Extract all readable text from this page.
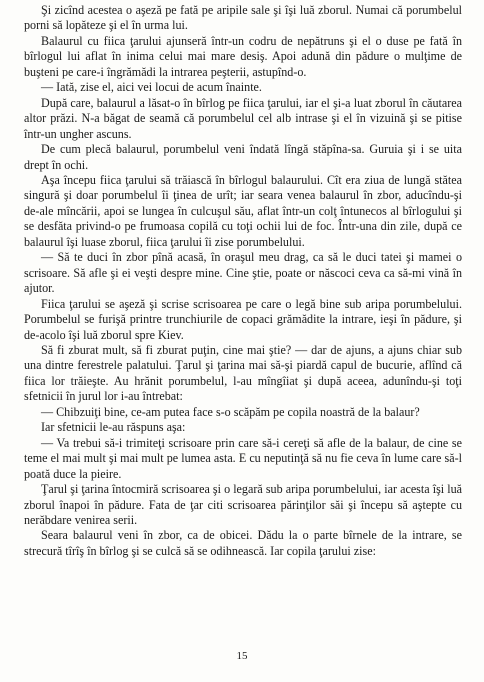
Şi zicînd acestea o aşeză pe fată pe aripile sale şi îşi luă zborul. Numai că porumbelul porni să lopăteze şi el în urma lui.

Balaurul cu fiica ţarului ajunseră într-un codru de nepătruns şi el o duse pe fată în bîrlogul lui aflat în inima celui mai mare desiş. Apoi adună din pădure o mulţime de buşteni pe care-i îngrămădi la intrarea peşterii, astupînd-o.

— Iată, zise el, aici vei locui de acum înainte.

După care, balaurul a lăsat-o în bîrlog pe fiica ţarului, iar el şi-a luat zborul în căutarea altor prăzi. N-a băgat de seamă că porumbelul cel alb intrase şi el în vizuină şi se pitise într-un ungher ascuns.

De cum plecă balaurul, porumbelul veni îndată lîngă stăpîna-sa. Guruia şi i se uita drept în ochi.

Aşa începu fiica ţarului să trăiască în bîrlogul balaurului. Cît era ziua de lungă stătea singură şi doar porumbelul îi ţinea de urît; iar seara venea balaurul în zbor, aducîndu-şi de-ale mîncării, apoi se lungea în culcuşul său, aflat într-un colţ întunecos al bîrlogului şi se desfăta privind-o pe frumoasa copilă cu toţi ochii lui de foc. Într-una din zile, după ce balaurul îşi luase zborul, fiica ţarului îi zise porumbelului.

— Să te duci în zbor pînă acasă, în oraşul meu drag, ca să le duci tatei şi mamei o scrisoare. Să afle şi ei veşti despre mine. Cine ştie, poate or născoci ceva ca să-mi vină în ajutor.

Fiica ţarului se aşeză şi scrise scrisoarea pe care o legă bine sub aripa porumbelului. Porumbelul se furişă printre trunchiurile de copaci grămădite la intrare, ieşi în pădure, şi de-acolo îşi luă zborul spre Kiev.

Să fi zburat mult, să fi zburat puţin, cine mai ştie? — dar de ajuns, a ajuns chiar sub una dintre ferestrele palatului. Ţarul şi ţarina mai să-şi piardă capul de bucurie, aflînd că fiica lor trăieşte. Au hrănit porumbelul, l-au mîngîiat şi după aceea, adunîndu-şi toţi sfetnicii în jurul lor i-au întrebat:

— Chibzuiţi bine, ce-am putea face s-o scăpăm pe copila noastră de la balaur?

Iar sfetnicii le-au răspuns aşa:

— Va trebui să-i trimiteţi scrisoare prin care să-i cereţi să afle de la balaur, de cine se teme el mai mult şi mai mult pe lumea asta. E cu neputinţă să nu fie ceva în lume care să-l poată duce la pieire.

Ţarul şi ţarina întocmiră scrisoarea şi o legară sub aripa porumbelului, iar acesta îşi luă zborul înapoi în pădure. Fata de ţar citi scrisoarea părinţilor săi şi începu să aştepte cu nerăbdare venirea serii.

Seara balaurul veni în zbor, ca de obicei. Dădu la o parte bîrnele de la intrare, se strecură tîrîş în bîrlog şi se culcă să se odihnească. Iar copila ţarului zise:

15
